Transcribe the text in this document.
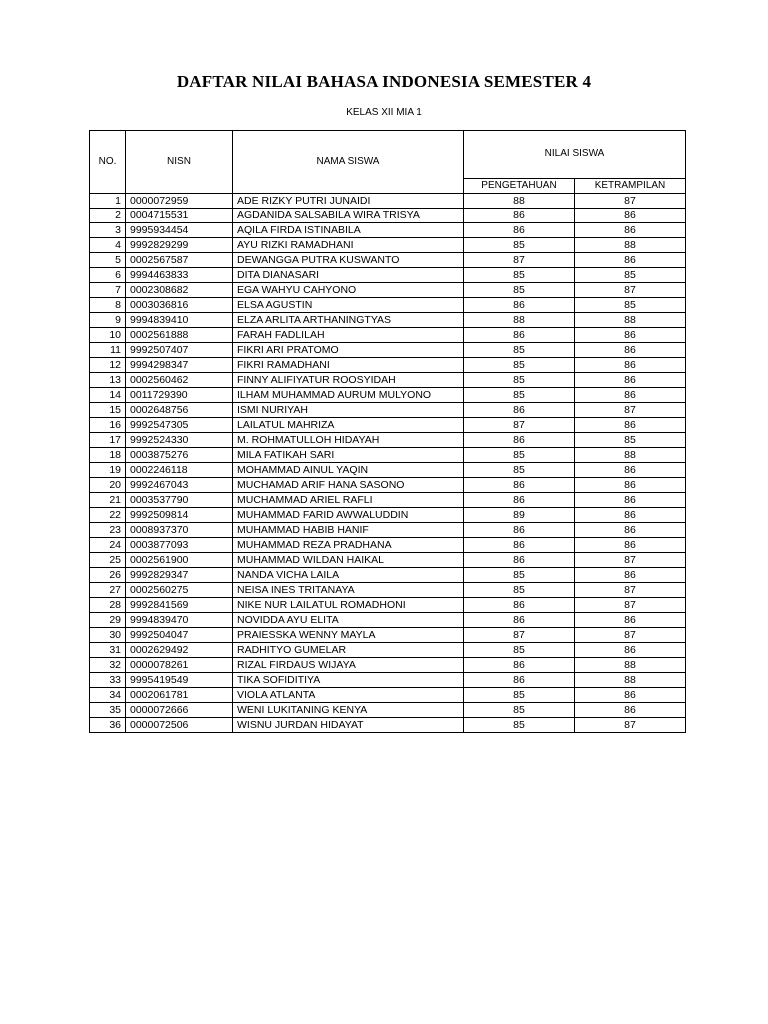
DAFTAR NILAI BAHASA INDONESIA SEMESTER 4
KELAS XII MIA 1
NO.	NISN	NAMA SISWA	NILAI SISWA	
			PENGETAHUAN	KETRAMPILAN
1	0000072959	ADE RIZKY PUTRI JUNAIDI	88	87
2	0004715531	AGDANIDA SALSABILA WIRA TRISYA	86	86
3	9995934454	AQILA FIRDA ISTINABILA	86	86
4	9992829299	AYU RIZKI RAMADHANI	85	88
5	0002567587	DEWANGGA PUTRA KUSWANTO	87	86
6	9994463833	DITA DIANASARI	85	85
7	0002308682	EGA WAHYU CAHYONO	85	87
8	0003036816	ELSA AGUSTIN	86	85
9	9994839410	ELZA ARLITA ARTHANINGTYAS	88	88
10	0002561888	FARAH FADLILAH	86	86
11	9992507407	FIKRI ARI PRATOMO	85	86
12	9994298347	FIKRI RAMADHANI	85	86
13	0002560462	FINNY ALIFIYATUR ROOSYIDAH	85	86
14	0011729390	ILHAM MUHAMMAD AURUM MULYONO	85	86
15	0002648756	ISMI NURIYAH	86	87
16	9992547305	LAILATUL MAHRIZA	87	86
17	9992524330	M. ROHMATULLOH HIDAYAH	86	85
18	0003875276	MILA FATIKAH SARI	85	88
19	0002246118	MOHAMMAD AINUL YAQIN	85	86
20	9992467043	MUCHAMAD ARIF HANA SASONO	86	86
21	0003537790	MUCHAMMAD ARIEL RAFLI	86	86
22	9992509814	MUHAMMAD FARID AWWALUDDIN	89	86
23	0008937370	MUHAMMAD HABIB HANIF	86	86
24	0003877093	MUHAMMAD REZA PRADHANA	86	86
25	0002561900	MUHAMMAD WILDAN HAIKAL	86	87
26	9992829347	NANDA VICHA LAILA	85	86
27	0002560275	NEISA INES TRITANAYA	85	87
28	9992841569	NIKE NUR LAILATUL ROMADHONI	86	87
29	9994839470	NOVIDDA AYU ELITA	86	86
30	9992504047	PRAIESSKA WENNY MAYLA	87	87
31	0002629492	RADHITYO GUMELAR	85	86
32	0000078261	RIZAL FIRDAUS WIJAYA	86	88
33	9995419549	TIKA SOFIDITIYA	86	88
34	0002061781	VIOLA ATLANTA	85	86
35	0000072666	WENI LUKITANING KENYA	85	86
36	0000072506	WISNU JURDAN HIDAYAT	85	87
